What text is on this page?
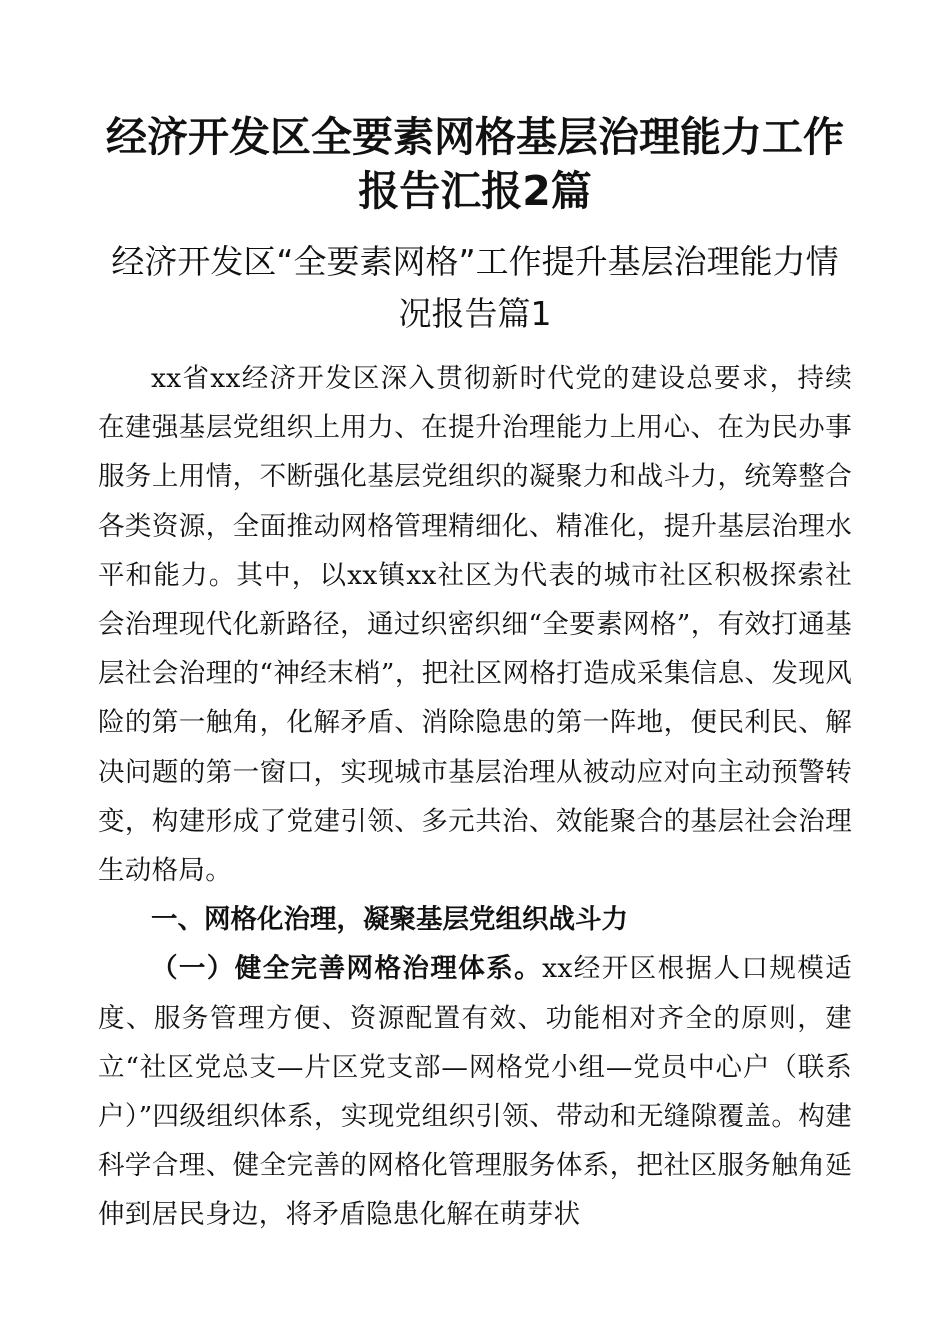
经济开发区全要素网格基层治理能力工作报告汇报2篇
经济开发区“全要素网格”工作提升基层治理能力情况报告篇1

xx省xx经济开发区深入贯彻新时代党的建设总要求，持续在建强基层党组织上用力、在提升治理能力上用心、在为民办事服务上用情，不断强化基层党组织的凝聚力和战斗力，统筹整合各类资源，全面推动网格管理精细化、精准化，提升基层治理水平和能力。其中，以xx镇xx社区为代表的城市社区积极探索社会治理现代化新路径，通过织密织细“全要素网格”，有效打通基层社会治理的“神经末梢”，把社区网格打造成采集信息、发现风险的第一触角，化解矛盾、消除隐患的第一阵地，便民利民、解决问题的第一窗口，实现城市基层治理从被动应对向主动预警转变，构建形成了党建引领、多元共治、效能聚合的基层社会治理生动格局。

一、网格化治理，凝聚基层党组织战斗力

（一）健全完善网格治理体系。xx经开区根据人口规模适度、服务管理方便、资源配置有效、功能相对齐全的原则，建立“社区党总支—片区党支部—网格党小组—党员中心户（联系户）”四级组织体系，实现党组织引领、带动和无缝隙覆盖。构建科学合理、健全完善的网格化管理服务体系，把社区服务触角延伸到居民身边，将矛盾隐患化解在萌芽状
